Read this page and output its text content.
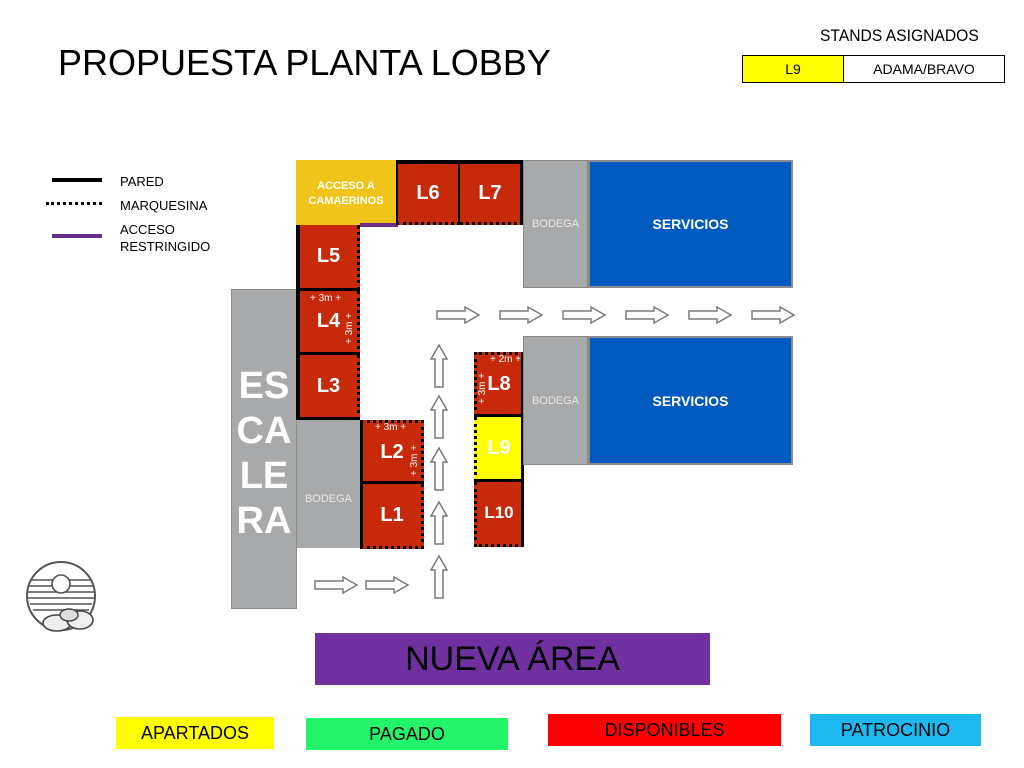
PROPUESTA PLANTA LOBBY
STANDS ASIGNADOS
L9	ADAMA/BRAVO
PARED
MARQUESINA
ACCESO
RESTRINGIDO
ES
CA
LE
RA
BODEGA
ACCESO A
CAMAERINOS	L6	L7
L5
L4
L3
+ 3m +
+ 3m +
L2
L1
+ 3m +
+ 3m +
L8
L9
L10
+ 2m +
+ 3m +
BODEGA	SERVICIOS
BODEGA	SERVICIOS
NUEVA ÁREA
APARTADOS	PAGADO	DISPONIBLES	PATROCINIO
